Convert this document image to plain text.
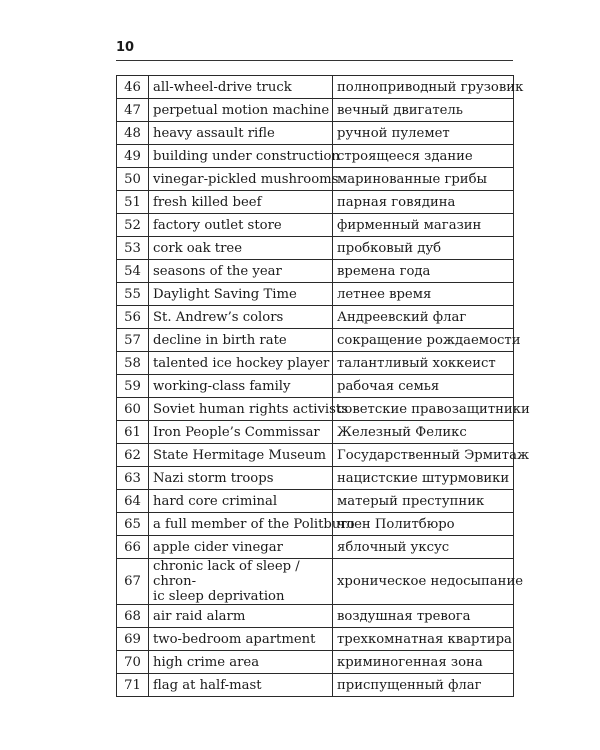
10
46	all-wheel-drive truck	полноприводный грузовик
47	perpetual motion machine	вечный двигатель
48	heavy assault rifle	ручной пулемет
49	building under construction	строящееся здание
50	vinegar-pickled mushrooms	маринованные грибы
51	fresh killed beef	парная говядина
52	factory outlet store	фирменный магазин
53	cork oak tree	пробковый дуб
54	seasons of the year	времена года
55	Daylight Saving Time	летнее время
56	St. Andrew’s colors	Андреевский флаг
57	decline in birth rate	сокращение рождаемости
58	talented ice hockey player	талантливый хоккеист
59	working-class family	рабочая семья
60	Soviet human rights activists	советские правозащитники
61	Iron People’s Commissar	Железный Феликс
62	State Hermitage Museum	Государственный Эрмитаж
63	Nazi storm troops	нацистские штурмовики
64	hard core criminal	матерый преступник
65	a full member of the Politburo	член Политбюро
66	apple cider vinegar	яблочный уксус
67	chronic lack of sleep / chron-
ic sleep deprivation	хроническое недосыпание
68	air raid alarm	воздушная тревога
69	two-bedroom apartment	трехкомнатная квартира
70	high crime area	криминогенная зона
71	flag at half-mast	приспущенный флаг
